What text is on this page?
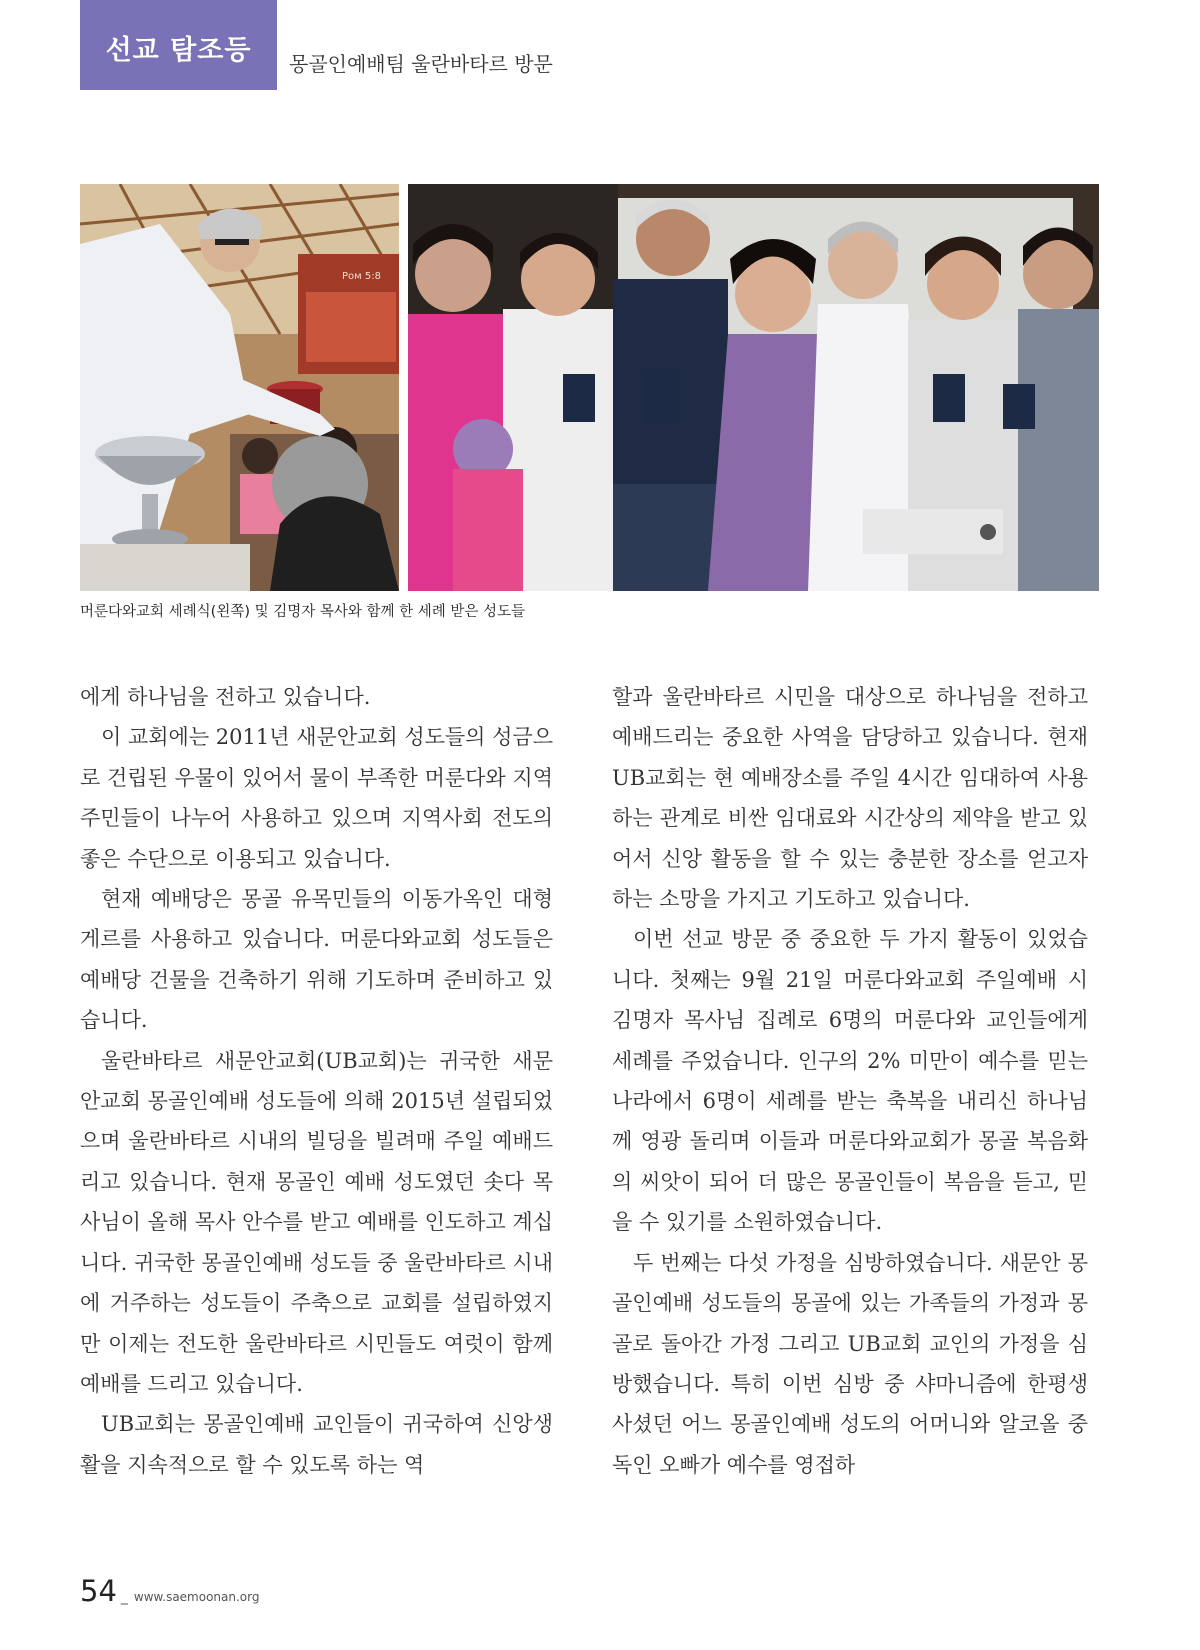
선교 탐조등	몽골인예배팀 울란바타르 방문
Ром 5:8
머룬다와교회 세례식(왼쪽) 및 김명자 목사와 함께 한 세례 받은 성도들

에게 하나님을 전하고 있습니다.

이 교회에는 2011년 새문안교회 성도들의 성금으로 건립된 우물이 있어서 물이 부족한 머룬다와 지역 주민들이 나누어 사용하고 있으며 지역사회 전도의 좋은 수단으로 이용되고 있습니다.

현재 예배당은 몽골 유목민들의 이동가옥인 대형 게르를 사용하고 있습니다. 머룬다와교회 성도들은 예배당 건물을 건축하기 위해 기도하며 준비하고 있습니다.

울란바타르 새문안교회(UB교회)는 귀국한 새문안교회 몽골인예배 성도들에 의해 2015년 설립되었으며 울란바타르 시내의 빌딩을 빌려매 주일 예배드리고 있습니다. 현재 몽골인 예배 성도였던 솟다 목사님이 올해 목사 안수를 받고 예배를 인도하고 계십니다. 귀국한 몽골인예배 성도들 중 울란바타르 시내에 거주하는 성도들이 주축으로 교회를 설립하였지만 이제는 전도한 울란바타르 시민들도 여럿이 함께 예배를 드리고 있습니다.

UB교회는 몽골인예배 교인들이 귀국하여 신앙생활을 지속적으로 할 수 있도록 하는 역

할과 울란바타르 시민을 대상으로 하나님을 전하고 예배드리는 중요한 사역을 담당하고 있습니다. 현재 UB교회는 현 예배장소를 주일 4시간 임대하여 사용하는 관계로 비싼 임대료와 시간상의 제약을 받고 있어서 신앙 활동을 할 수 있는 충분한 장소를 얻고자 하는 소망을 가지고 기도하고 있습니다.

이번 선교 방문 중 중요한 두 가지 활동이 있었습니다. 첫째는 9월 21일 머룬다와교회 주일예배 시 김명자 목사님 집례로 6명의 머룬다와 교인들에게 세례를 주었습니다. 인구의 2% 미만이 예수를 믿는 나라에서 6명이 세례를 받는 축복을 내리신 하나님께 영광 돌리며 이들과 머룬다와교회가 몽골 복음화의 씨앗이 되어 더 많은 몽골인들이 복음을 듣고, 믿을 수 있기를 소원하였습니다.

두 번째는 다섯 가정을 심방하였습니다. 새문안 몽골인예배 성도들의 몽골에 있는 가족들의 가정과 몽골로 돌아간 가정 그리고 UB교회 교인의 가정을 심방했습니다. 특히 이번 심방 중 샤마니즘에 한평생 사셨던 어느 몽골인예배 성도의 어머니와 알코올 중독인 오빠가 예수를 영접하

54 _ www.saemoonan.org
